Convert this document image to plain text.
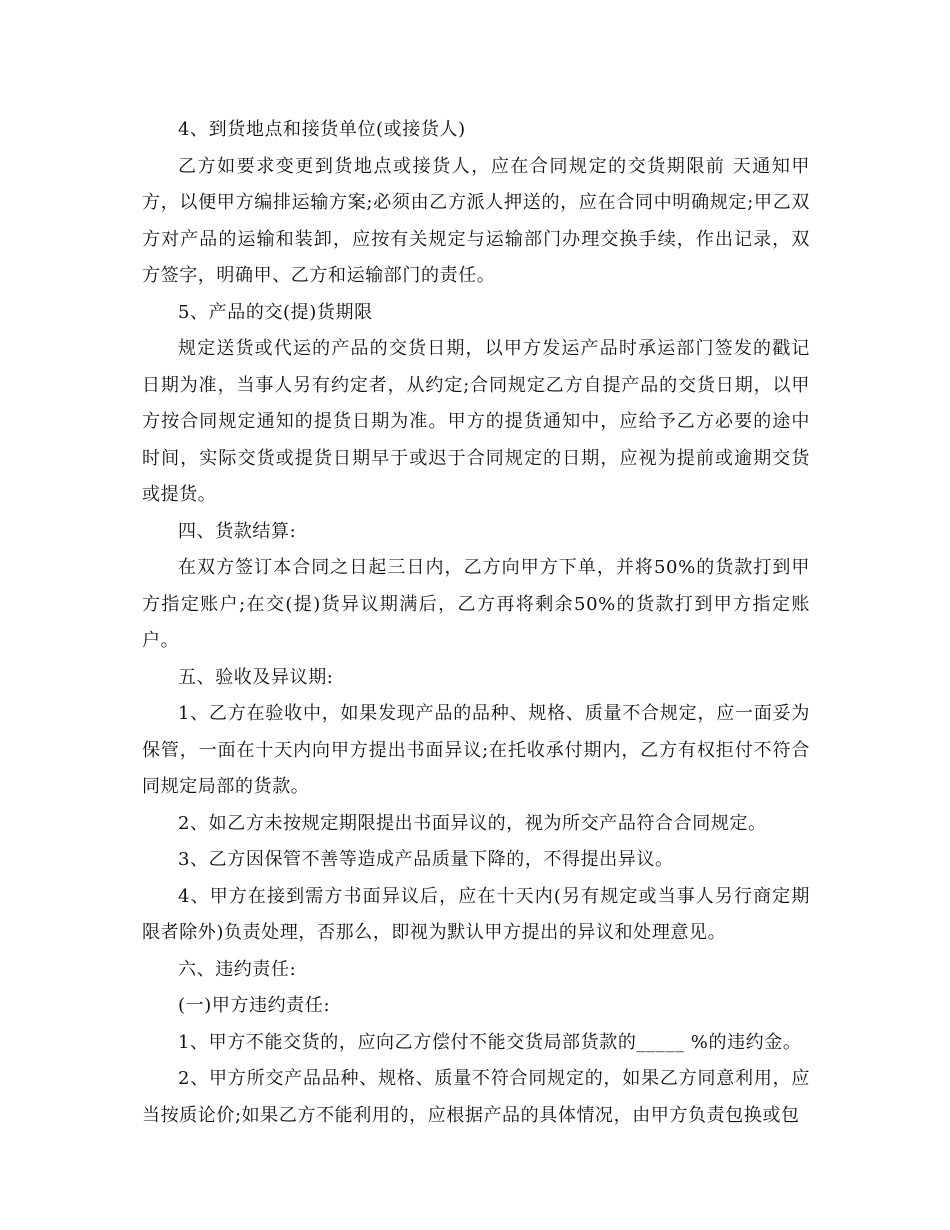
4、到货地点和接货单位(或接货人)

乙方如要求变更到货地点或接货人，应在合同规定的交货期限前 天通知甲方，以便甲方编排运输方案;必须由乙方派人押送的，应在合同中明确规定;甲乙双方对产品的运输和装卸，应按有关规定与运输部门办理交换手续，作出记录，双方签字，明确甲、乙方和运输部门的责任。

5、产品的交(提)货期限

规定送货或代运的产品的交货日期，以甲方发运产品时承运部门签发的戳记日期为准，当事人另有约定者，从约定;合同规定乙方自提产品的交货日期，以甲方按合同规定通知的提货日期为准。甲方的提货通知中，应给予乙方必要的途中时间，实际交货或提货日期早于或迟于合同规定的日期，应视为提前或逾期交货或提货。

四、货款结算:

在双方签订本合同之日起三日内，乙方向甲方下单，并将50%的货款打到甲方指定账户;在交(提)货异议期满后，乙方再将剩余50%的货款打到甲方指定账户。

五、验收及异议期:

1、乙方在验收中，如果发现产品的品种、规格、质量不合规定，应一面妥为保管，一面在十天内向甲方提出书面异议;在托收承付期内，乙方有权拒付不符合同规定局部的货款。

2、如乙方未按规定期限提出书面异议的，视为所交产品符合合同规定。

3、乙方因保管不善等造成产品质量下降的，不得提出异议。

4、甲方在接到需方书面异议后，应在十天内(另有规定或当事人另行商定期限者除外)负责处理，否那么，即视为默认甲方提出的异议和处理意见。

六、违约责任:

(一)甲方违约责任:

1、甲方不能交货的，应向乙方偿付不能交货局部货款的_____ %的违约金。

2、甲方所交产品品种、规格、质量不符合同规定的，如果乙方同意利用，应当按质论价;如果乙方不能利用的，应根据产品的具体情况，由甲方负责包换或包
